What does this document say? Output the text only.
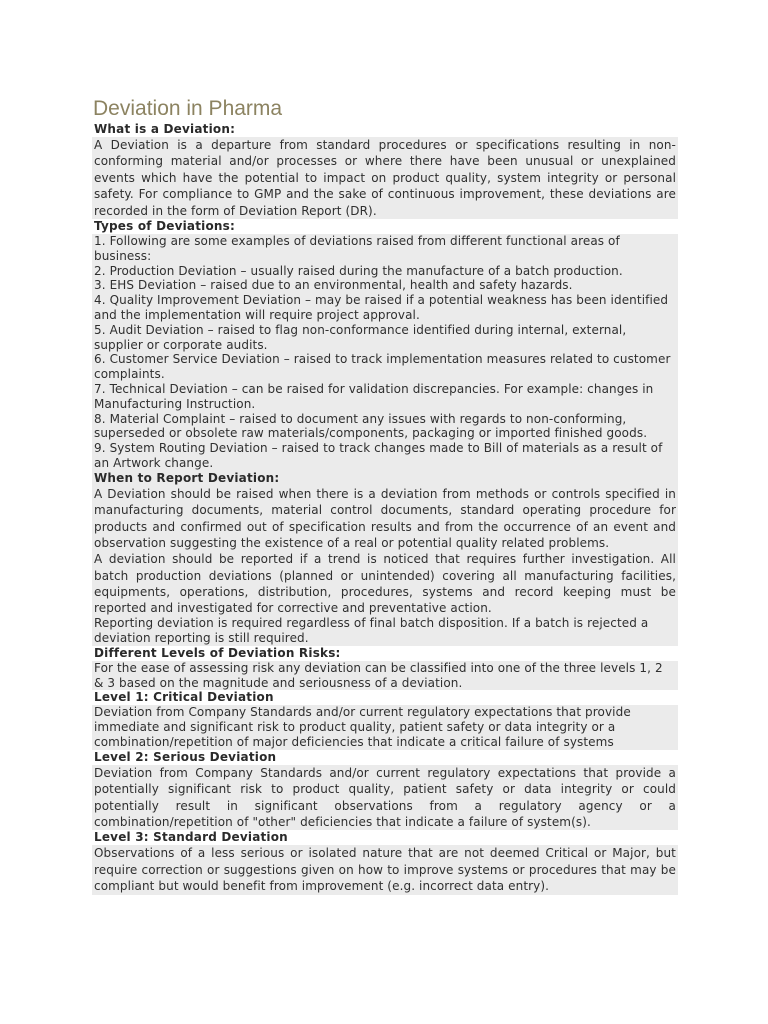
Deviation in Pharma
What is a Deviation:
A Deviation is a departure from standard procedures or specifications resulting in non-conforming material and/or processes or where there have been unusual or unexplained events which have the potential to impact on product quality, system integrity or personal safety. For compliance to GMP and the sake of continuous improvement, these deviations are recorded in the form of Deviation Report (DR).
Types of Deviations:
1. Following are some examples of deviations raised from different functional areas of business:
2. Production Deviation – usually raised during the manufacture of a batch production.
3. EHS Deviation – raised due to an environmental, health and safety hazards.
4. Quality Improvement Deviation – may be raised if a potential weakness has been identified and the implementation will require project approval.
5. Audit Deviation – raised to flag non-conformance identified during internal, external, supplier or corporate audits.
6. Customer Service Deviation – raised to track implementation measures related to customer complaints.
7. Technical Deviation – can be raised for validation discrepancies. For example: changes in Manufacturing Instruction.
8. Material Complaint – raised to document any issues with regards to non-conforming, superseded or obsolete raw materials/components, packaging or imported finished goods.
9. System Routing Deviation – raised to track changes made to Bill of materials as a result of an Artwork change.
When to Report Deviation:
A Deviation should be raised when there is a deviation from methods or controls specified in manufacturing documents, material control documents, standard operating procedure for products and confirmed out of specification results and from the occurrence of an event and observation suggesting the existence of a real or potential quality related problems.
A deviation should be reported if a trend is noticed that requires further investigation. All batch production deviations (planned or unintended) covering all manufacturing facilities, equipments, operations, distribution, procedures, systems and record keeping must be reported and investigated for corrective and preventative action.
Reporting deviation is required regardless of final batch disposition. If a batch is rejected a deviation reporting is still required.
Different Levels of Deviation Risks:
For the ease of assessing risk any deviation can be classified into one of the three levels 1, 2 & 3 based on the magnitude and seriousness of a deviation.
Level 1: Critical Deviation
Deviation from Company Standards and/or current regulatory expectations that provide immediate and significant risk to product quality, patient safety or data integrity or a combination/repetition of major deficiencies that indicate a critical failure of systems
Level 2: Serious Deviation
Deviation from Company Standards and/or current regulatory expectations that provide a potentially significant risk to product quality, patient safety or data integrity or could potentially result in significant observations from a regulatory agency or a combination/repetition of "other" deficiencies that indicate a failure of system(s).
Level 3: Standard Deviation
Observations of a less serious or isolated nature that are not deemed Critical or Major, but require correction or suggestions given on how to improve systems or procedures that may be compliant but would benefit from improvement (e.g. incorrect data entry).
